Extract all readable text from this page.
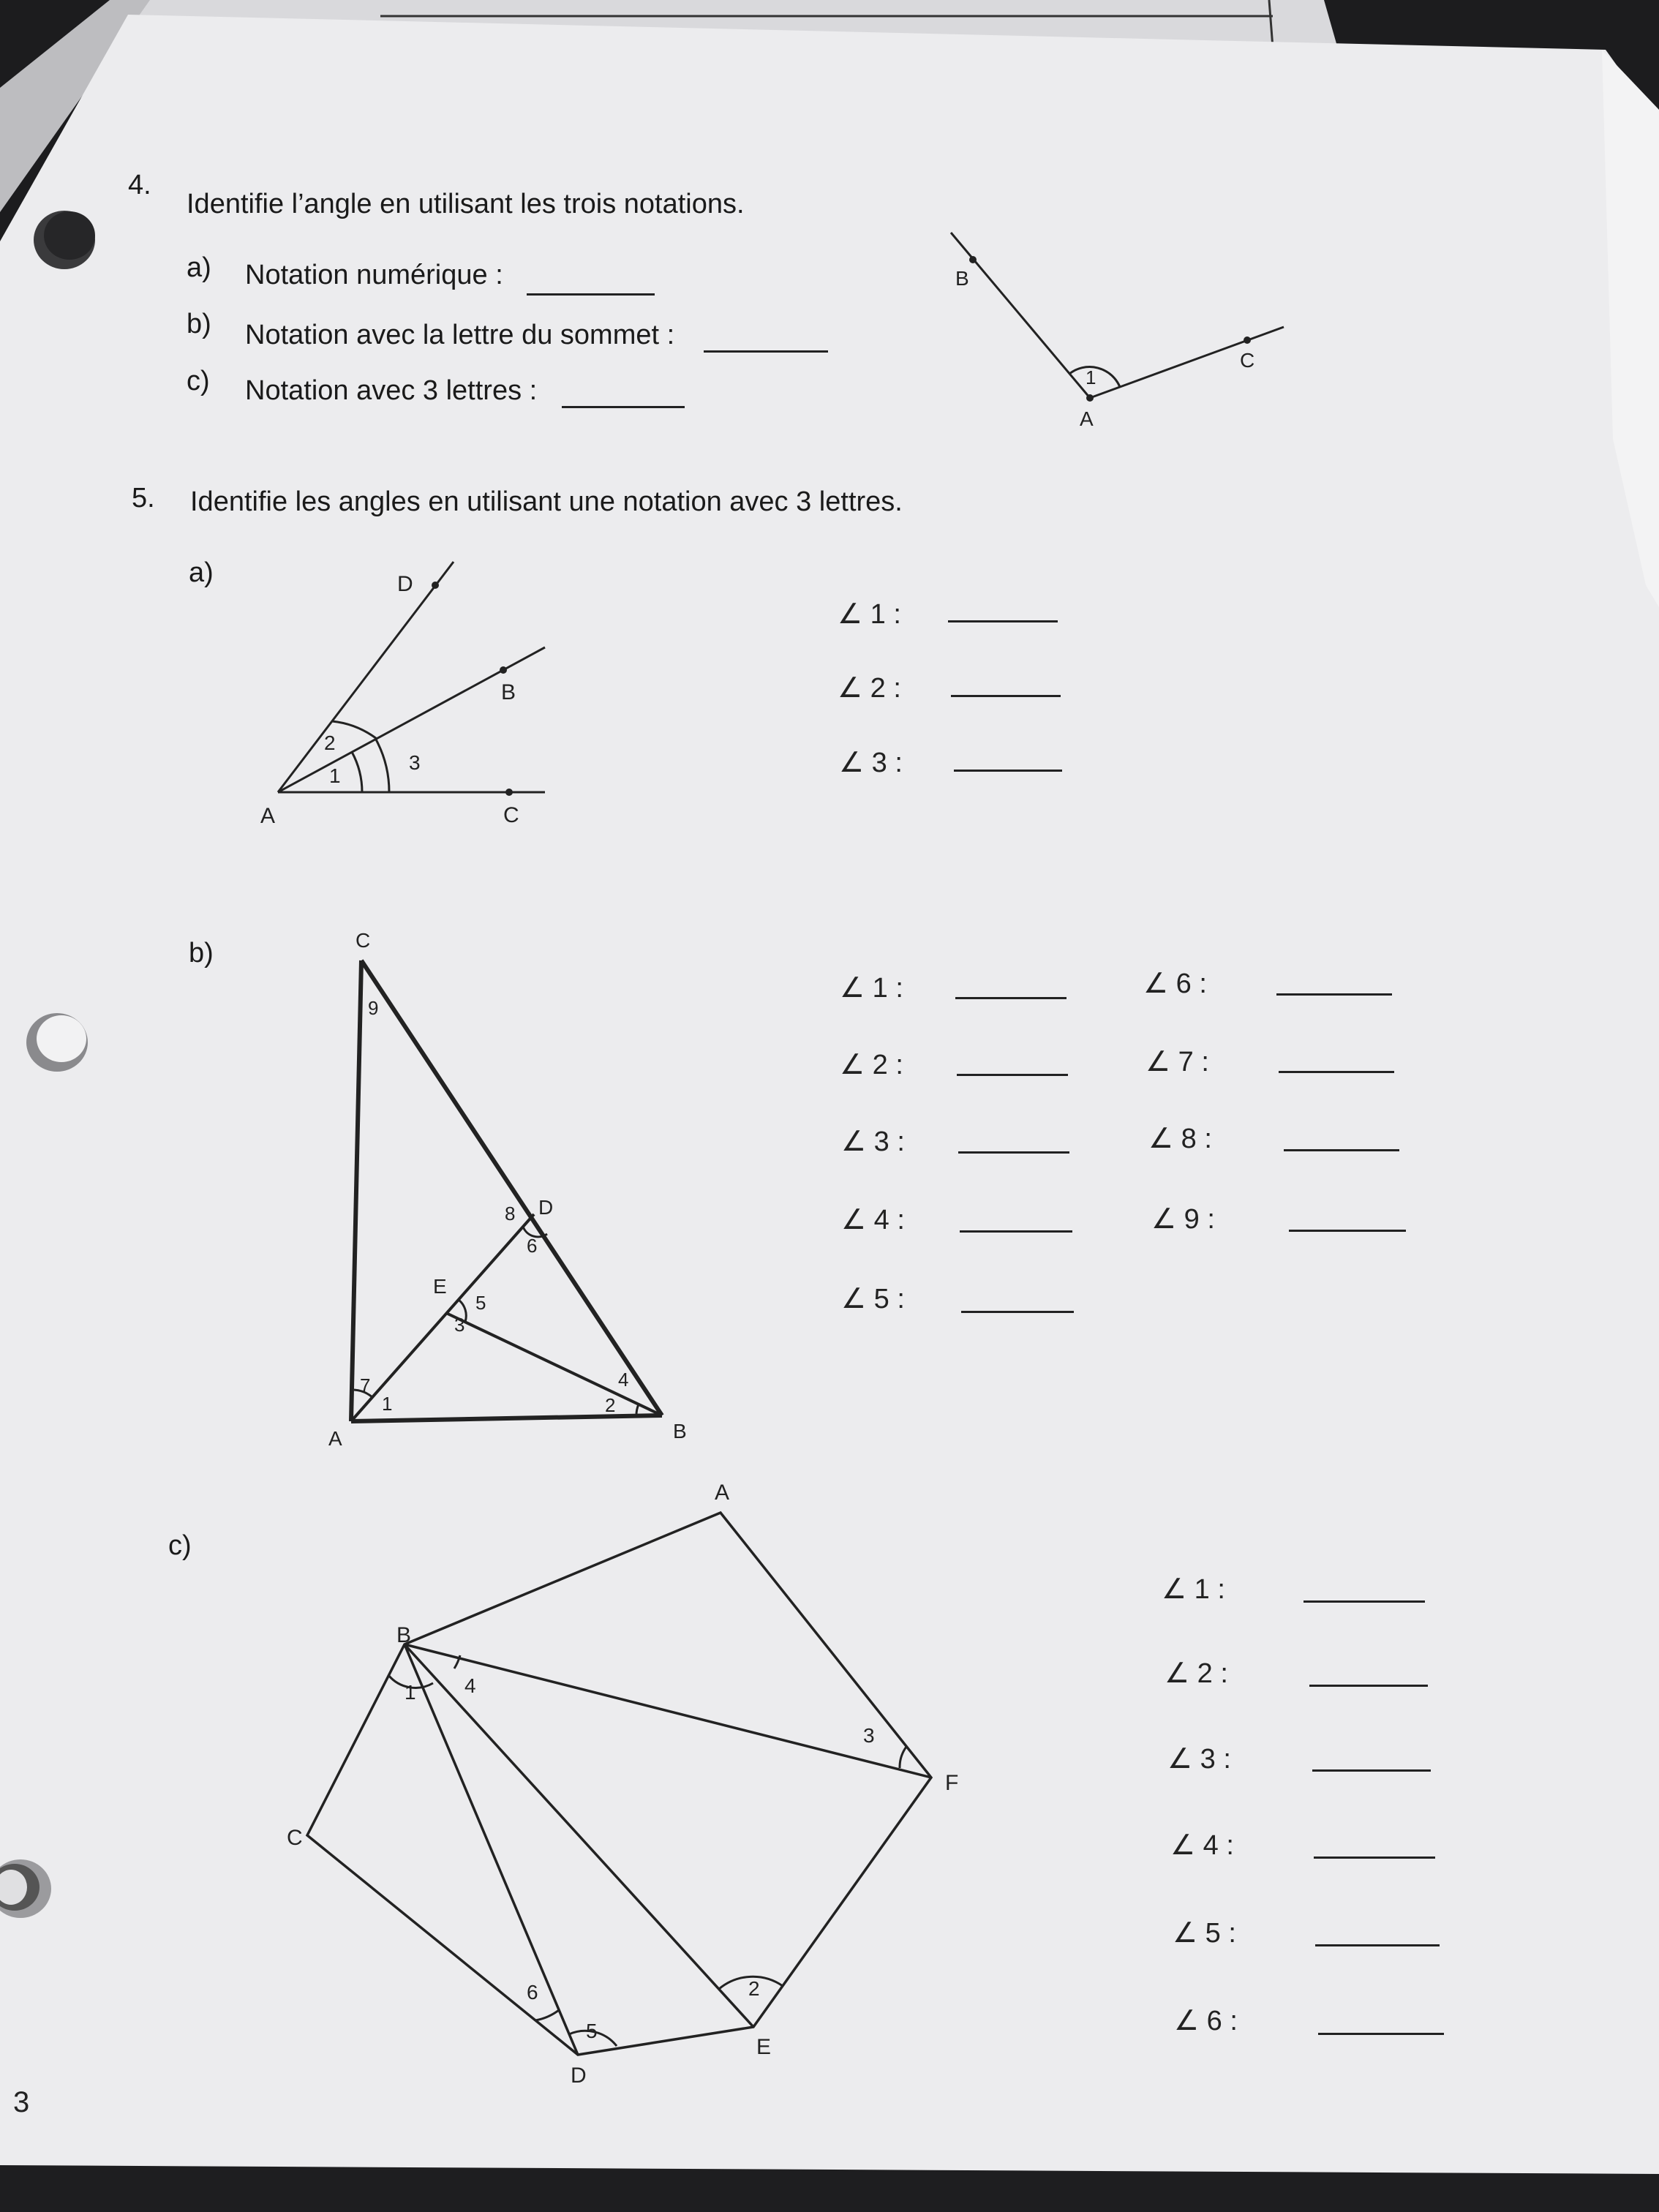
4.
Identifie l’angle en utilisant les trois notations.
a) Notation numérique :
b) Notation avec la lettre du sommet :
c) Notation avec 3 lettres :
B
C
A
1
5. Identifie les angles en utilisant une notation avec 3 lettres.
a)	D
B
A	C
2
1
3
∠ 1 :
∠ 2 :
∠ 3 :
b)	C
D
E
A	B
9
8
6
5
3
7
1
4
2
∠ 1 :
∠ 2 :
∠ 3 :
∠ 4 :
∠ 5 :
∠ 6 :
∠ 7 :
∠ 8 :
∠ 9 :
c)
A
B
C
F
D
E
1 4
3
6
5
2
∠ 1 :
∠ 2 :
∠ 3 :
∠ 4 :
∠ 5 :
∠ 6 :
3
